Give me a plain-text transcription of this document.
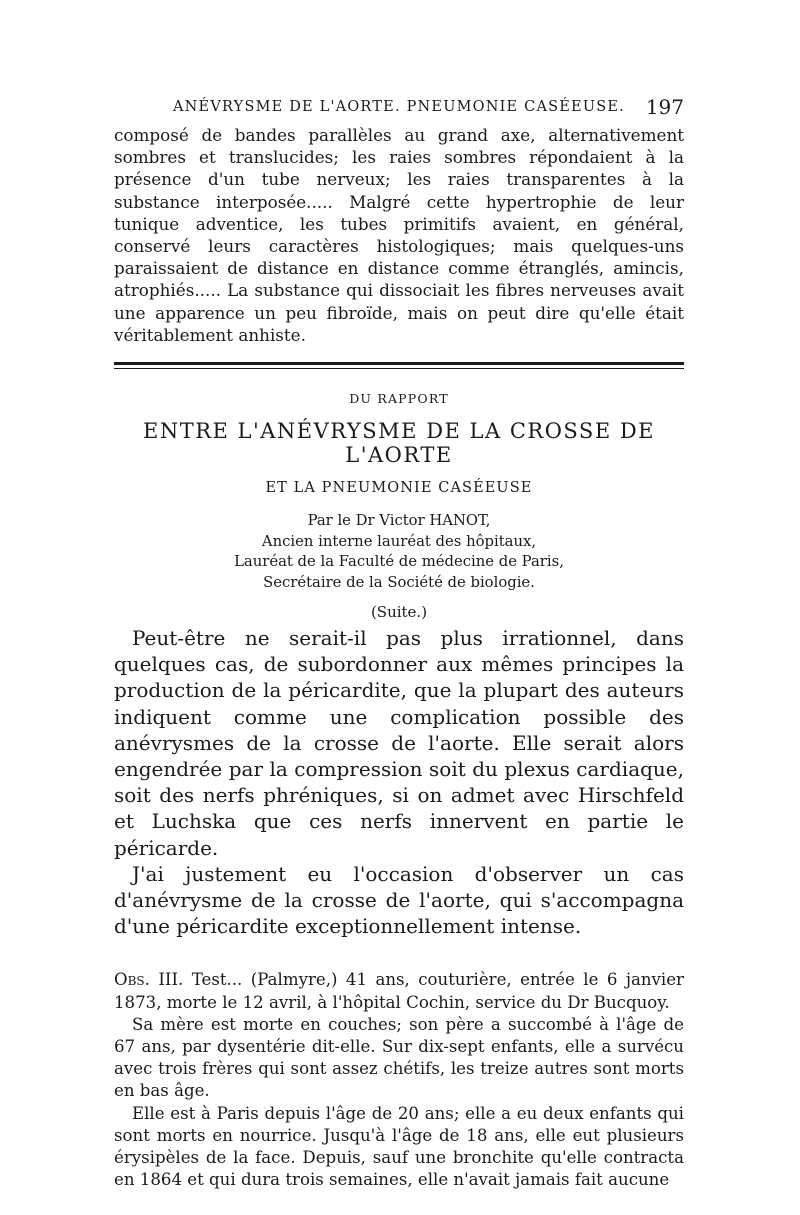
ANÉVRYSME DE L'AORTE. PNEUMONIE CASÉEUSE. 197

composé de bandes parallèles au grand axe, alternativement sombres et translucides; les raies sombres répondaient à la présence d'un tube nerveux; les raies transparentes à la substance interposée..... Malgré cette hypertrophie de leur tunique adventice, les tubes primitifs avaient, en général, conservé leurs caractères histologiques; mais quelques-uns paraissaient de distance en distance comme étranglés, amincis, atrophiés..... La substance qui dissociait les fibres nerveuses avait une apparence un peu fibroïde, mais on peut dire qu'elle était véritablement anhiste.

DU RAPPORT
ENTRE L'ANÉVRYSME DE LA CROSSE DE L'AORTE
ET LA PNEUMONIE CASÉEUSE
Par le Dr Victor HANOT,
Ancien interne lauréat des hôpitaux,
Lauréat de la Faculté de médecine de Paris,
Secrétaire de la Société de biologie.
(Suite.)

Peut-être ne serait-il pas plus irrationnel, dans quelques cas, de subordonner aux mêmes principes la production de la péricardite, que la plupart des auteurs indiquent comme une complication possible des anévrysmes de la crosse de l'aorte. Elle serait alors engendrée par la compression soit du plexus cardiaque, soit des nerfs phréniques, si on admet avec Hirschfeld et Luchska que ces nerfs innervent en partie le péricarde.

J'ai justement eu l'occasion d'observer un cas d'anévrysme de la crosse de l'aorte, qui s'accompagna d'une péricardite exceptionnellement intense.

Obs. III. Test... (Palmyre,) 41 ans, couturière, entrée le 6 janvier 1873, morte le 12 avril, à l'hôpital Cochin, service du Dr Bucquoy.

Sa mère est morte en couches; son père a succombé à l'âge de 67 ans, par dysentérie dit-elle. Sur dix-sept enfants, elle a survécu avec trois frères qui sont assez chétifs, les treize autres sont morts en bas âge.

Elle est à Paris depuis l'âge de 20 ans; elle a eu deux enfants qui sont morts en nourrice. Jusqu'à l'âge de 18 ans, elle eut plusieurs érysipèles de la face. Depuis, sauf une bronchite qu'elle contracta en 1864 et qui dura trois semaines, elle n'avait jamais fait aucune
